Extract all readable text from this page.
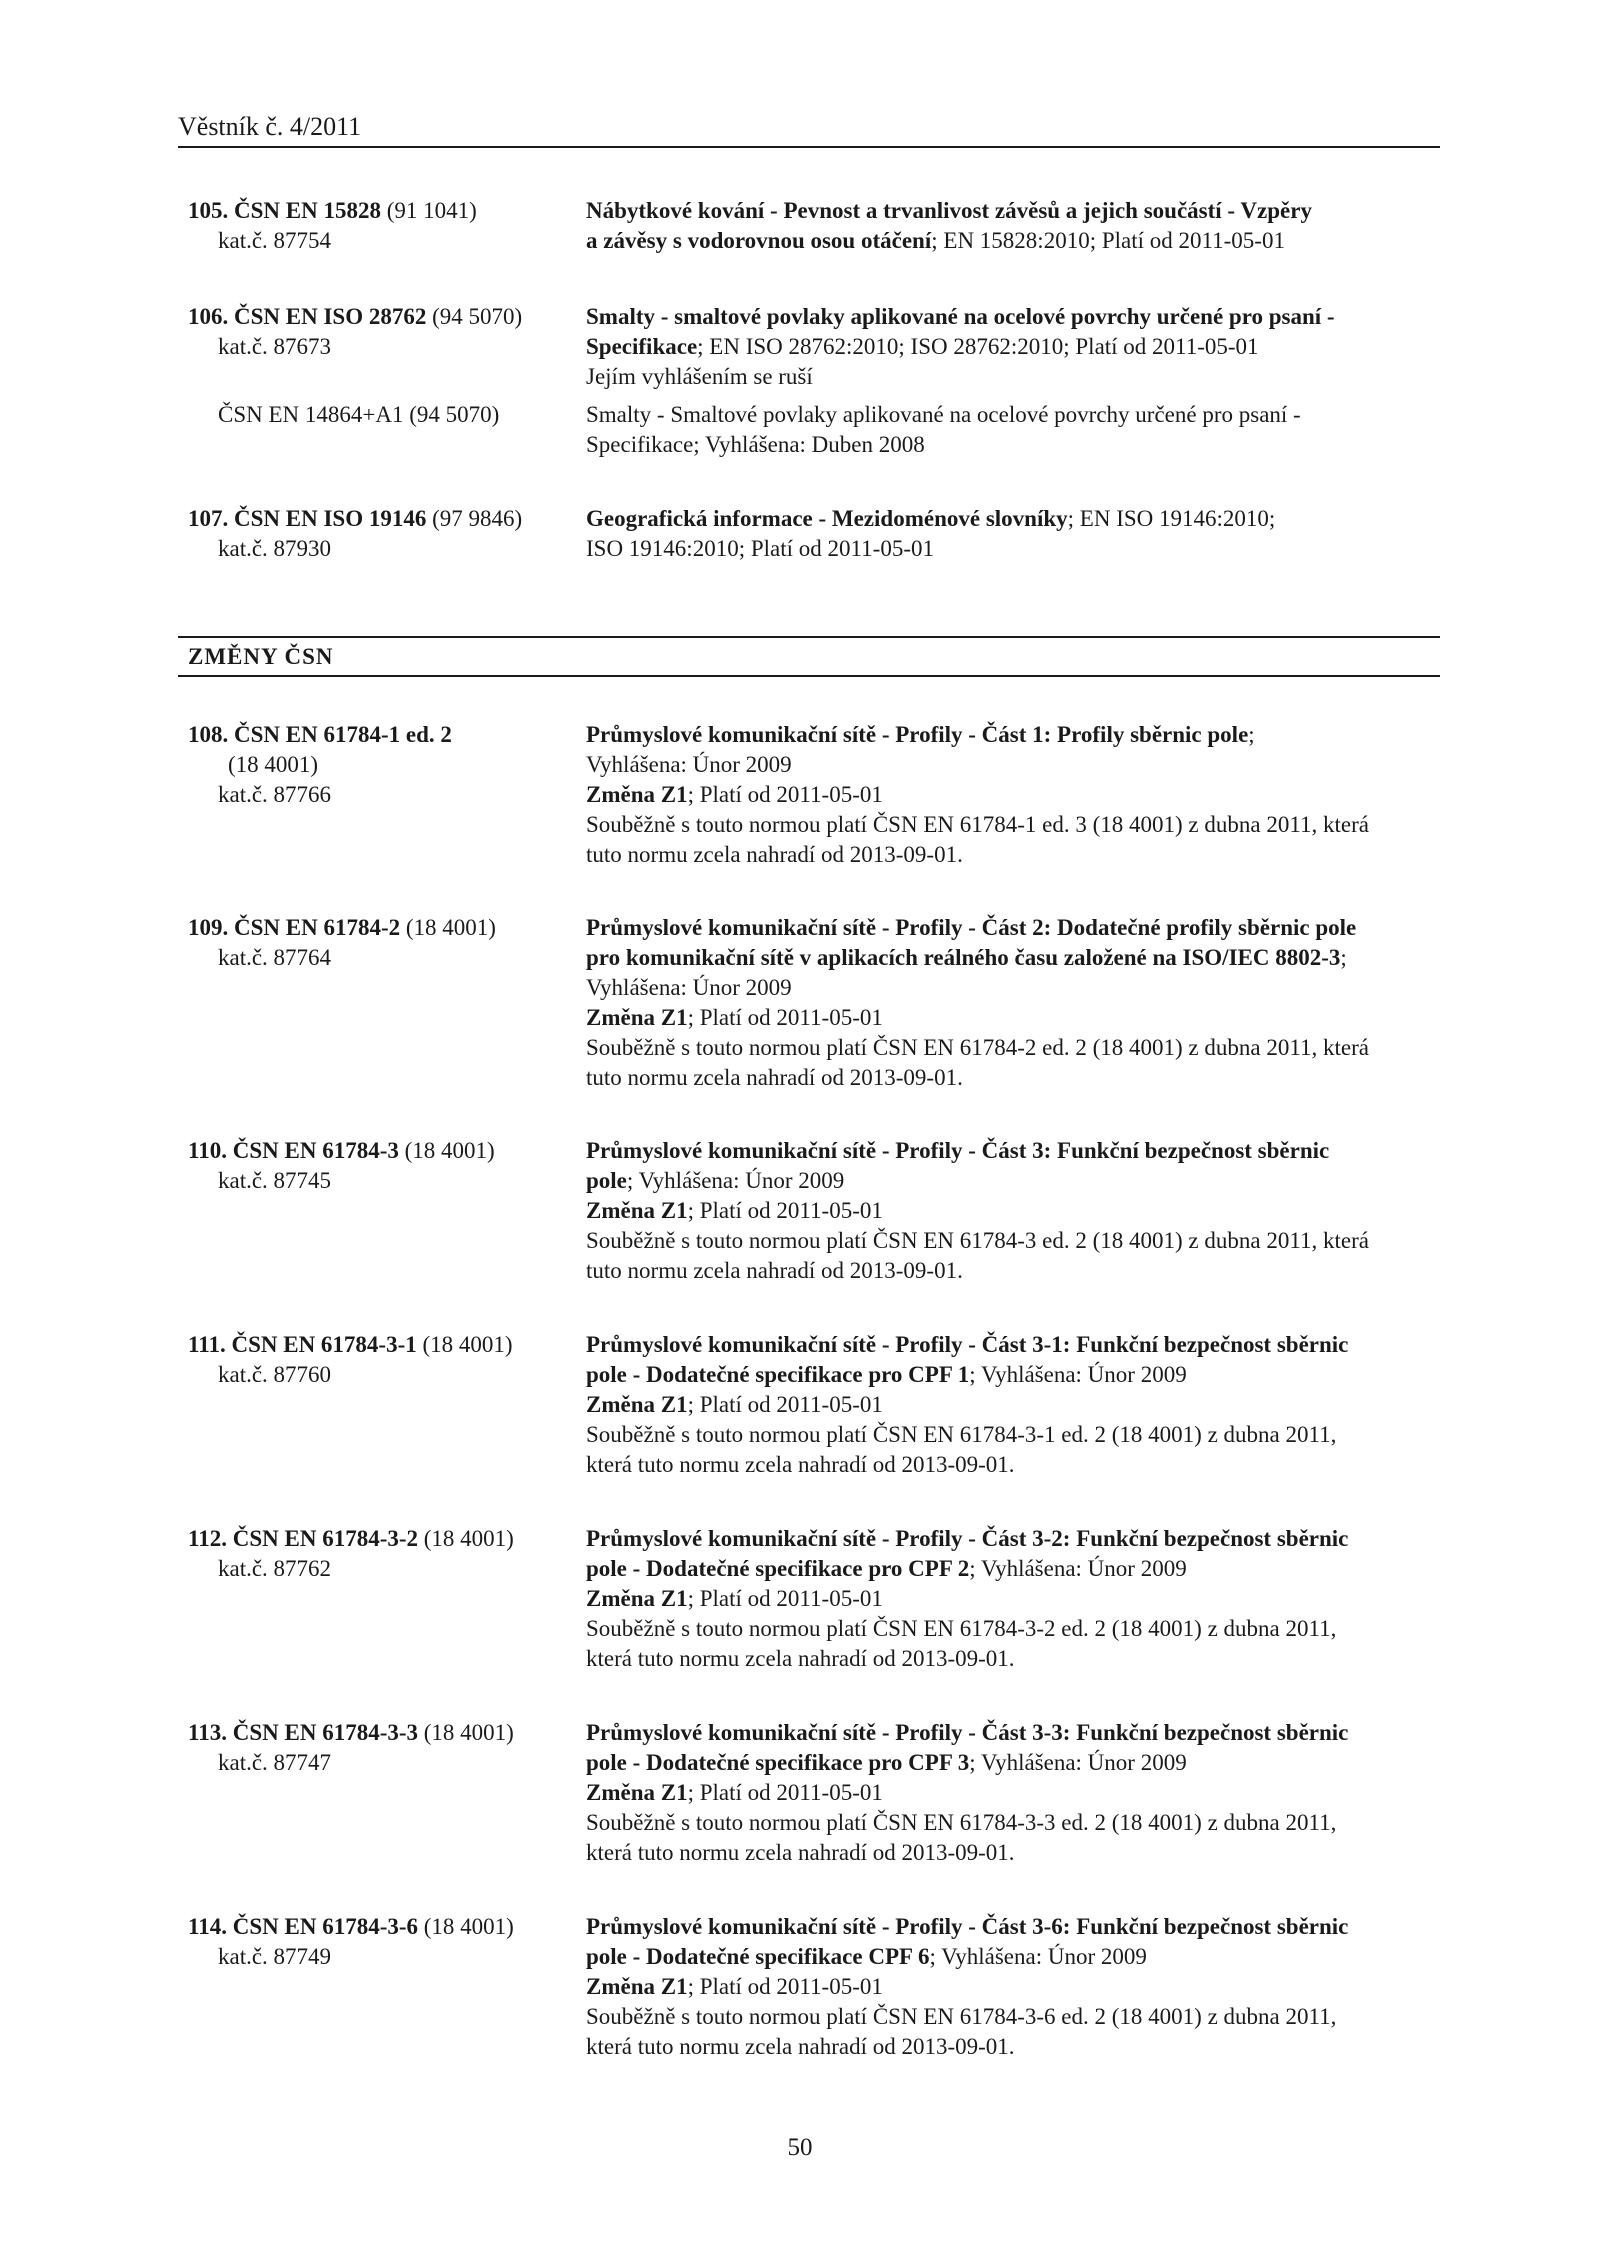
Věstník č. 4/2011
105. ČSN EN 15828 (91 1041)
kat.č. 87754
Nábytkové kování - Pevnost a trvanlivost závěsů a jejich součástí - Vzpěry
a závěsy s vodorovnou osou otáčení; EN 15828:2010; Platí od 2011-05-01
106. ČSN EN ISO 28762 (94 5070)
kat.č. 87673
Smalty - smaltové povlaky aplikované na ocelové povrchy určené pro psaní -
Specifikace; EN ISO 28762:2010; ISO 28762:2010; Platí od 2011-05-01
Jejím vyhlášením se ruší
ČSN EN 14864+A1 (94 5070)	Smalty - Smaltové povlaky aplikované na ocelové povrchy určené pro psaní -
Specifikace; Vyhlášena: Duben 2008
107. ČSN EN ISO 19146 (97 9846)
kat.č. 87930
Geografická informace - Mezidoménové slovníky; EN ISO 19146:2010;
ISO 19146:2010; Platí od 2011-05-01
ZMĚNY ČSN
108. ČSN EN 61784-1 ed. 2
(18 4001)
kat.č. 87766
Průmyslové komunikační sítě - Profily - Část 1: Profily sběrnic pole;
Vyhlášena: Únor 2009
Změna Z1; Platí od 2011-05-01
Souběžně s touto normou platí ČSN EN 61784-1 ed. 3 (18 4001) z dubna 2011, která
tuto normu zcela nahradí od 2013-09-01.
109. ČSN EN 61784-2 (18 4001)
kat.č. 87764
Průmyslové komunikační sítě - Profily - Část 2: Dodatečné profily sběrnic pole
pro komunikační sítě v aplikacích reálného času založené na ISO/IEC 8802-3;
Vyhlášena: Únor 2009
Změna Z1; Platí od 2011-05-01
Souběžně s touto normou platí ČSN EN 61784-2 ed. 2 (18 4001) z dubna 2011, která
tuto normu zcela nahradí od 2013-09-01.
110. ČSN EN 61784-3 (18 4001)
kat.č. 87745
Průmyslové komunikační sítě - Profily - Část 3: Funkční bezpečnost sběrnic
pole; Vyhlášena: Únor 2009
Změna Z1; Platí od 2011-05-01
Souběžně s touto normou platí ČSN EN 61784-3 ed. 2 (18 4001) z dubna 2011, která
tuto normu zcela nahradí od 2013-09-01.
111. ČSN EN 61784-3-1 (18 4001)
kat.č. 87760
Průmyslové komunikační sítě - Profily - Část 3-1: Funkční bezpečnost sběrnic
pole - Dodatečné specifikace pro CPF 1; Vyhlášena: Únor 2009
Změna Z1; Platí od 2011-05-01
Souběžně s touto normou platí ČSN EN 61784-3-1 ed. 2 (18 4001) z dubna 2011,
která tuto normu zcela nahradí od 2013-09-01.
112. ČSN EN 61784-3-2 (18 4001)
kat.č. 87762
Průmyslové komunikační sítě - Profily - Část 3-2: Funkční bezpečnost sběrnic
pole - Dodatečné specifikace pro CPF 2; Vyhlášena: Únor 2009
Změna Z1; Platí od 2011-05-01
Souběžně s touto normou platí ČSN EN 61784-3-2 ed. 2 (18 4001) z dubna 2011,
která tuto normu zcela nahradí od 2013-09-01.
113. ČSN EN 61784-3-3 (18 4001)
kat.č. 87747
Průmyslové komunikační sítě - Profily - Část 3-3: Funkční bezpečnost sběrnic
pole - Dodatečné specifikace pro CPF 3; Vyhlášena: Únor 2009
Změna Z1; Platí od 2011-05-01
Souběžně s touto normou platí ČSN EN 61784-3-3 ed. 2 (18 4001) z dubna 2011,
která tuto normu zcela nahradí od 2013-09-01.
114. ČSN EN 61784-3-6 (18 4001)
kat.č. 87749
Průmyslové komunikační sítě - Profily - Část 3-6: Funkční bezpečnost sběrnic
pole - Dodatečné specifikace CPF 6; Vyhlášena: Únor 2009
Změna Z1; Platí od 2011-05-01
Souběžně s touto normou platí ČSN EN 61784-3-6 ed. 2 (18 4001) z dubna 2011,
která tuto normu zcela nahradí od 2013-09-01.
50
